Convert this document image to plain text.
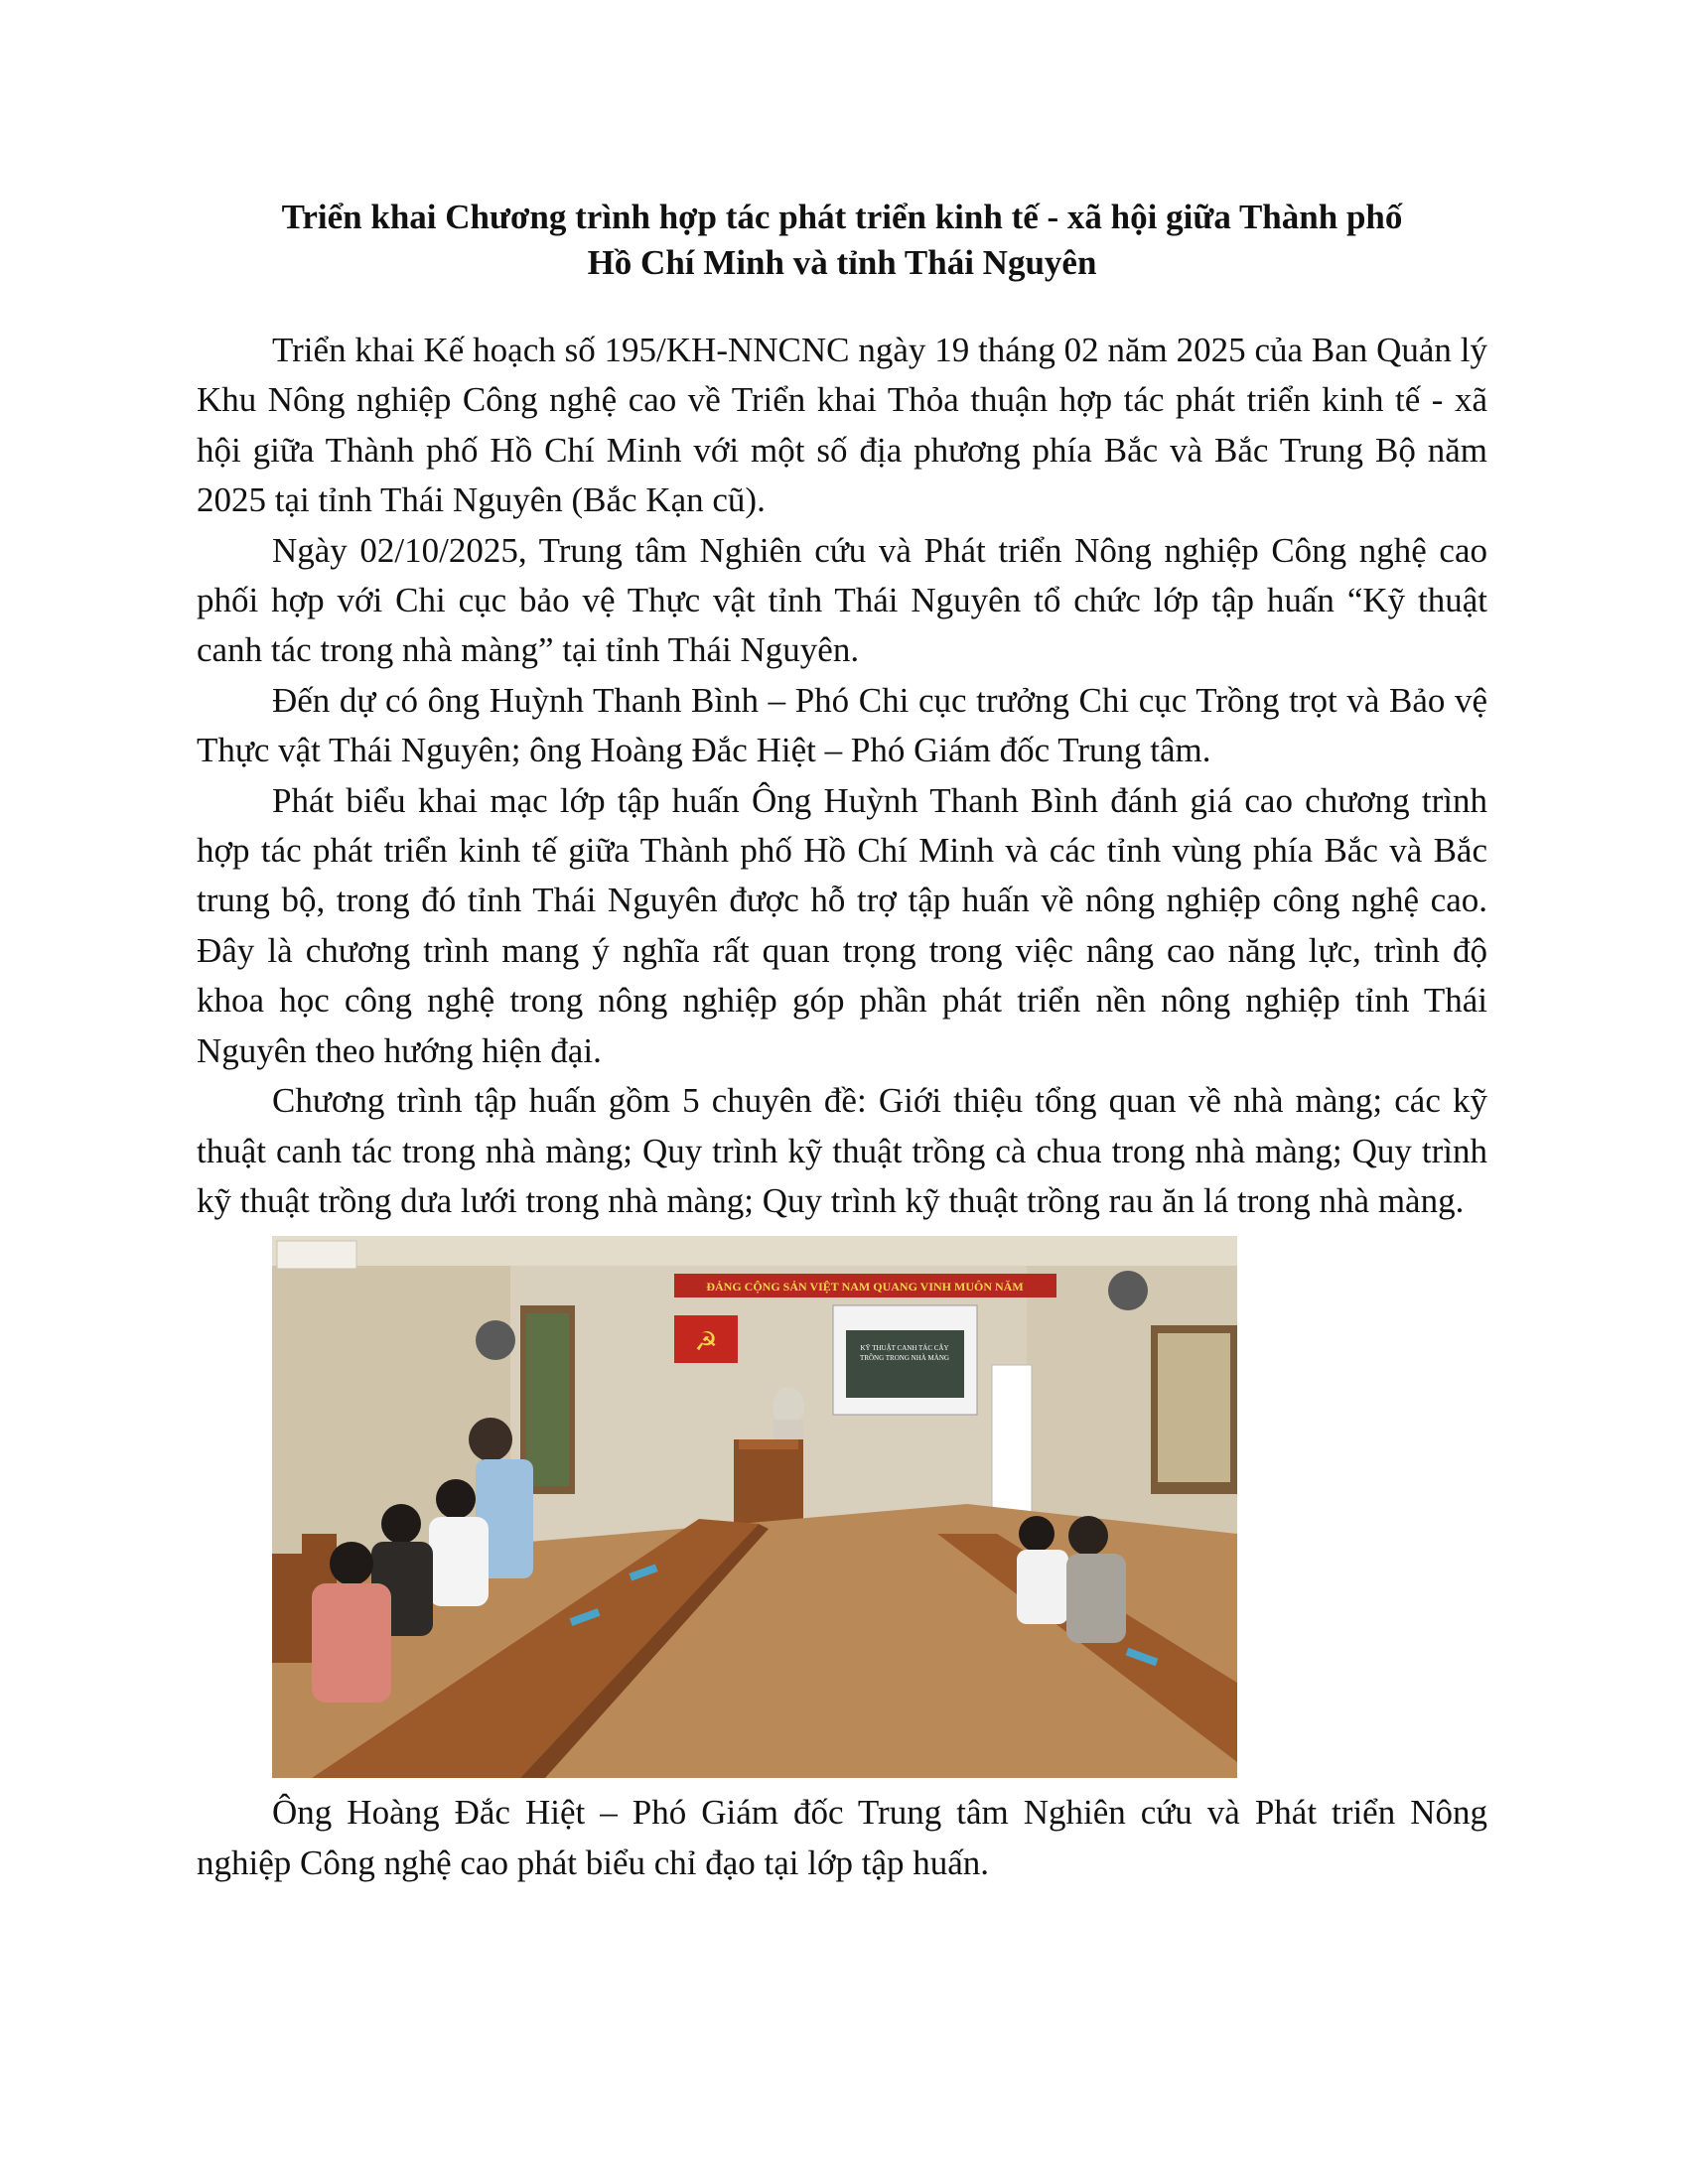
Triển khai Chương trình hợp tác phát triển kinh tế - xã hội giữa Thành phố
Hồ Chí Minh và tỉnh Thái Nguyên

Triển khai Kế hoạch số 195/KH-NNCNC ngày 19 tháng 02 năm 2025 của Ban Quản lý Khu Nông nghiệp Công nghệ cao về Triển khai Thỏa thuận hợp tác phát triển kinh tế - xã hội giữa Thành phố Hồ Chí Minh với một số địa phương phía Bắc và Bắc Trung Bộ năm 2025 tại tỉnh Thái Nguyên (Bắc Kạn cũ).

Ngày 02/10/2025, Trung tâm Nghiên cứu và Phát triển Nông nghiệp Công nghệ cao phối hợp với Chi cục bảo vệ Thực vật tỉnh Thái Nguyên tổ chức lớp tập huấn “Kỹ thuật canh tác trong nhà màng” tại tỉnh Thái Nguyên.

Đến dự có ông Huỳnh Thanh Bình – Phó Chi cục trưởng Chi cục Trồng trọt và Bảo vệ Thực vật Thái Nguyên; ông Hoàng Đắc Hiệt – Phó Giám đốc Trung tâm.

Phát biểu khai mạc lớp tập huấn Ông Huỳnh Thanh Bình đánh giá cao chương trình hợp tác phát triển kinh tế giữa Thành phố Hồ Chí Minh và các tỉnh vùng phía Bắc và Bắc trung bộ, trong đó tỉnh Thái Nguyên được hỗ trợ tập huấn về nông nghiệp công nghệ cao. Đây là chương trình mang ý nghĩa rất quan trọng trong việc nâng cao năng lực, trình độ khoa học công nghệ trong nông nghiệp góp phần phát triển nền nông nghiệp tỉnh Thái Nguyên theo hướng hiện đại.

Chương trình tập huấn gồm 5 chuyên đề: Giới thiệu tổng quan về nhà màng; các kỹ thuật canh tác trong nhà màng; Quy trình kỹ thuật trồng cà chua trong nhà màng; Quy trình kỹ thuật trồng dưa lưới trong nhà màng; Quy trình kỹ thuật trồng rau ăn lá trong nhà màng.

ĐẢNG CỘNG SẢN VIỆT NAM QUANG VINH MUÔN NĂM
☭	KỸ THUẬT CANH TÁC CÂY
TRỒNG TRONG NHÀ MÀNG

Ông Hoàng Đắc Hiệt – Phó Giám đốc Trung tâm Nghiên cứu và Phát triển Nông nghiệp Công nghệ cao phát biểu chỉ đạo tại lớp tập huấn.
